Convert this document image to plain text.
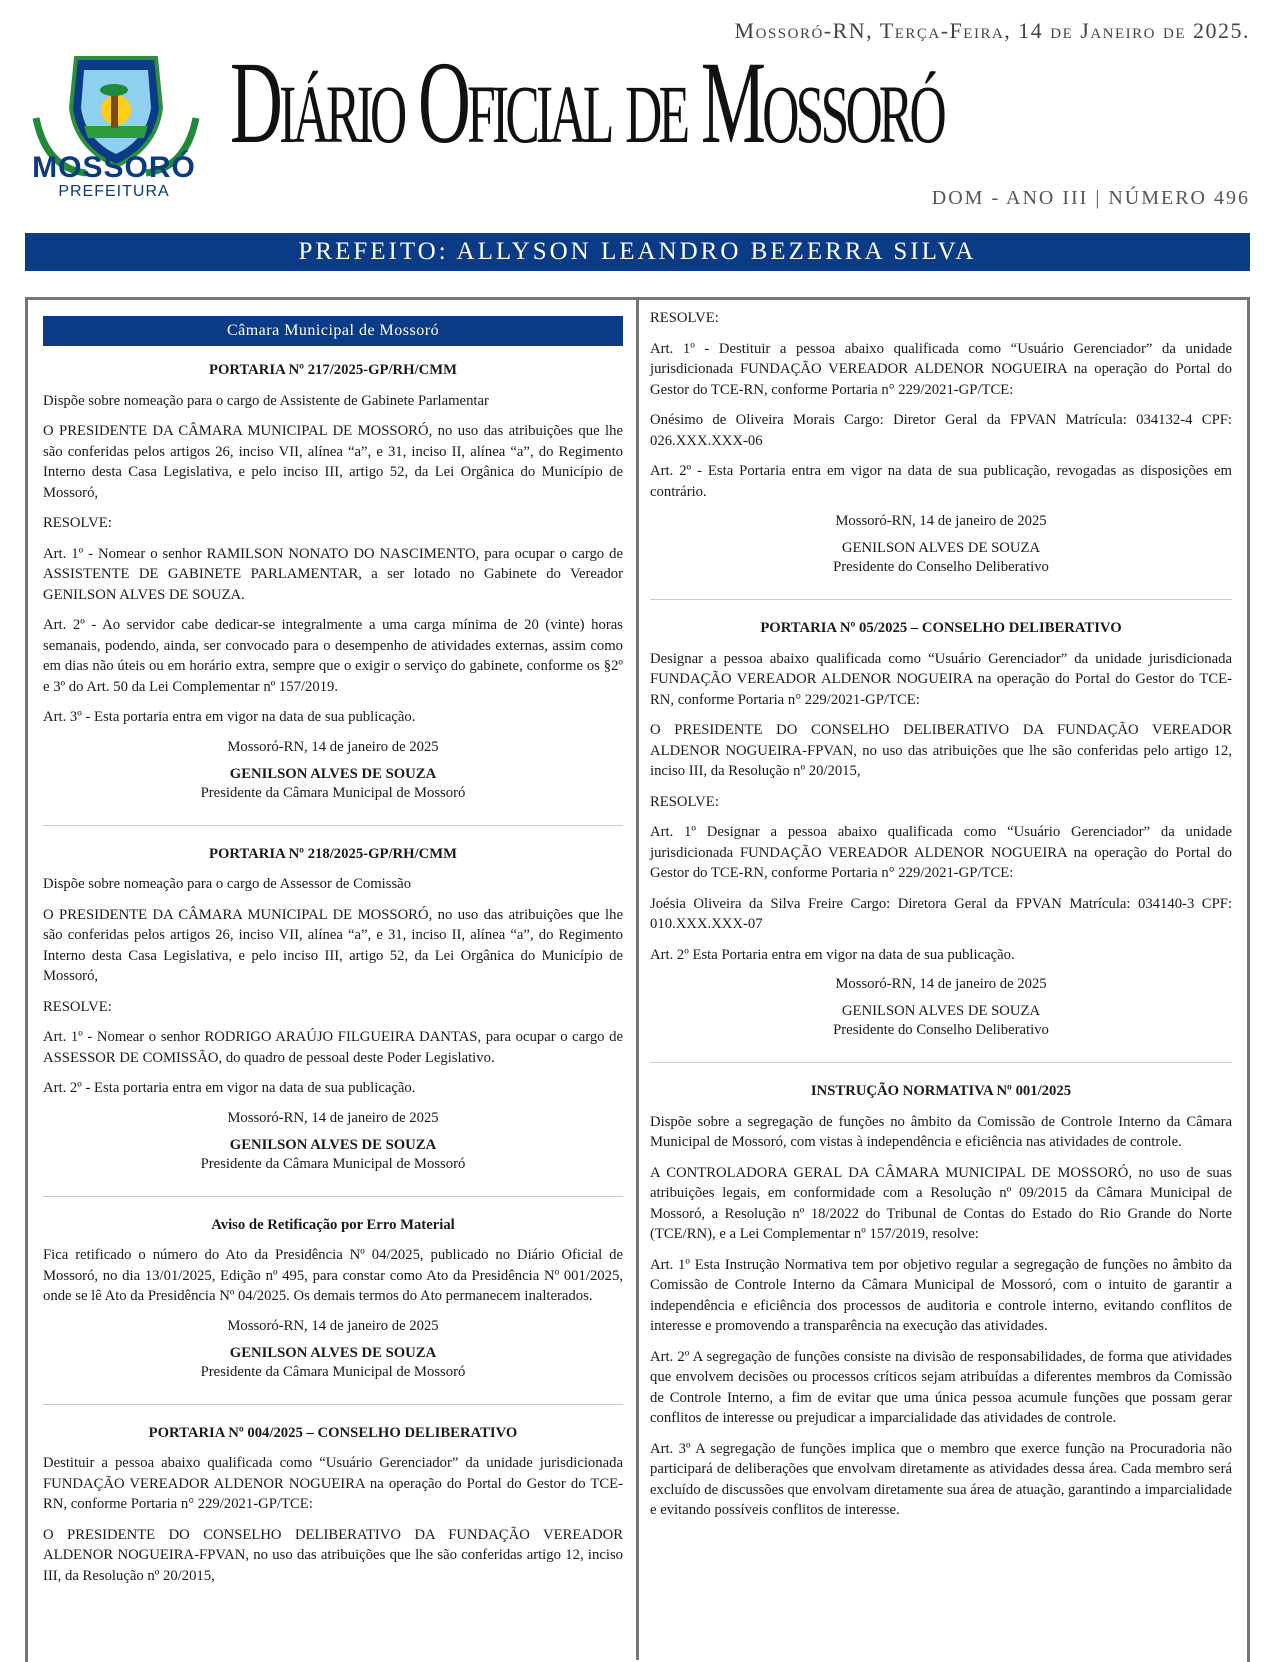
MOSSORÓ
PREFEITURA
Mossoró-RN, Terça-Feira, 14 de Janeiro de 2025.
Diário Oficial de Mossoró
DOM - ANO III | NÚMERO 496
PREFEITO: ALLYSON LEANDRO BEZERRA SILVA
Câmara Municipal de Mossoró
PORTARIA Nº 217/2025-GP/RH/CMM

Dispõe sobre nomeação para o cargo de Assistente de Gabinete Parlamentar

O PRESIDENTE DA CÂMARA MUNICIPAL DE MOSSORÓ, no uso das atribuições que lhe são conferidas pelos artigos 26, inciso VII, alínea “a”, e 31, inciso II, alínea “a”, do Regimento Interno desta Casa Legislativa, e pelo inciso III, artigo 52, da Lei Orgânica do Município de Mossoró,

RESOLVE:

Art. 1º - Nomear o senhor RAMILSON NONATO DO NASCIMENTO, para ocupar o cargo de ASSISTENTE DE GABINETE PARLAMENTAR, a ser lotado no Gabinete do Vereador GENILSON ALVES DE SOUZA.

Art. 2º - Ao servidor cabe dedicar-se integralmente a uma carga mínima de 20 (vinte) horas semanais, podendo, ainda, ser convocado para o desempenho de atividades externas, assim como em dias não úteis ou em horário extra, sempre que o exigir o serviço do gabinete, conforme os §2º e 3º do Art. 50 da Lei Complementar nº 157/2019.

Art. 3º - Esta portaria entra em vigor na data de sua publicação.

Mossoró-RN, 14 de janeiro de 2025
GENILSON ALVES DE SOUZA
Presidente da Câmara Municipal de Mossoró
PORTARIA Nº 218/2025-GP/RH/CMM

Dispõe sobre nomeação para o cargo de Assessor de Comissão

O PRESIDENTE DA CÂMARA MUNICIPAL DE MOSSORÓ, no uso das atribuições que lhe são conferidas pelos artigos 26, inciso VII, alínea “a”, e 31, inciso II, alínea “a”, do Regimento Interno desta Casa Legislativa, e pelo inciso III, artigo 52, da Lei Orgânica do Município de Mossoró,

RESOLVE:

Art. 1º - Nomear o senhor RODRIGO ARAÚJO FILGUEIRA DANTAS, para ocupar o cargo de ASSESSOR DE COMISSÃO, do quadro de pessoal deste Poder Legislativo.

Art. 2º - Esta portaria entra em vigor na data de sua publicação.

Mossoró-RN, 14 de janeiro de 2025
GENILSON ALVES DE SOUZA
Presidente da Câmara Municipal de Mossoró
Aviso de Retificação por Erro Material

Fica retificado o número do Ato da Presidência Nº 04/2025, publicado no Diário Oficial de Mossoró, no dia 13/01/2025, Edição nº 495, para constar como Ato da Presidência Nº 001/2025, onde se lê Ato da Presidência Nº 04/2025. Os demais termos do Ato permanecem inalterados.

Mossoró-RN, 14 de janeiro de 2025
GENILSON ALVES DE SOUZA
Presidente da Câmara Municipal de Mossoró
PORTARIA Nº 004/2025 – CONSELHO DELIBERATIVO

Destituir a pessoa abaixo qualificada como “Usuário Gerenciador” da unidade jurisdicionada FUNDAÇÃO VEREADOR ALDENOR NOGUEIRA na operação do Portal do Gestor do TCE-RN, conforme Portaria n° 229/2021-GP/TCE:

O PRESIDENTE DO CONSELHO DELIBERATIVO DA FUNDAÇÃO VEREADOR ALDENOR NOGUEIRA-FPVAN, no uso das atribuições que lhe são conferidas artigo 12, inciso III, da Resolução nº 20/2015,

RESOLVE:

Art. 1º - Destituir a pessoa abaixo qualificada como “Usuário Gerenciador” da unidade jurisdicionada FUNDAÇÃO VEREADOR ALDENOR NOGUEIRA na operação do Portal do Gestor do TCE-RN, conforme Portaria n° 229/2021-GP/TCE:

Onésimo de Oliveira Morais Cargo: Diretor Geral da FPVAN Matrícula: 034132-4 CPF: 026.XXX.XXX-06

Art. 2º - Esta Portaria entra em vigor na data de sua publicação, revogadas as disposições em contrário.

Mossoró-RN, 14 de janeiro de 2025
GENILSON ALVES DE SOUZA
Presidente do Conselho Deliberativo
PORTARIA Nº 05/2025 – CONSELHO DELIBERATIVO

Designar a pessoa abaixo qualificada como “Usuário Gerenciador” da unidade jurisdicionada FUNDAÇÃO VEREADOR ALDENOR NOGUEIRA na operação do Portal do Gestor do TCE-RN, conforme Portaria n° 229/2021-GP/TCE:

O PRESIDENTE DO CONSELHO DELIBERATIVO DA FUNDAÇÃO VEREADOR ALDENOR NOGUEIRA-FPVAN, no uso das atribuições que lhe são conferidas pelo artigo 12, inciso III, da Resolução nº 20/2015,

RESOLVE:

Art. 1º Designar a pessoa abaixo qualificada como “Usuário Gerenciador” da unidade jurisdicionada FUNDAÇÃO VEREADOR ALDENOR NOGUEIRA na operação do Portal do Gestor do TCE-RN, conforme Portaria n° 229/2021-GP/TCE:

Joésia Oliveira da Silva Freire Cargo: Diretora Geral da FPVAN Matrícula: 034140-3 CPF: 010.XXX.XXX-07

Art. 2º Esta Portaria entra em vigor na data de sua publicação.

Mossoró-RN, 14 de janeiro de 2025
GENILSON ALVES DE SOUZA
Presidente do Conselho Deliberativo
INSTRUÇÃO NORMATIVA Nº 001/2025

Dispõe sobre a segregação de funções no âmbito da Comissão de Controle Interno da Câmara Municipal de Mossoró, com vistas à independência e eficiência nas atividades de controle.

A CONTROLADORA GERAL DA CÂMARA MUNICIPAL DE MOSSORÓ, no uso de suas atribuições legais, em conformidade com a Resolução nº 09/2015 da Câmara Municipal de Mossoró, a Resolução nº 18/2022 do Tribunal de Contas do Estado do Rio Grande do Norte (TCE/RN), e a Lei Complementar nº 157/2019, resolve:

Art. 1º Esta Instrução Normativa tem por objetivo regular a segregação de funções no âmbito da Comissão de Controle Interno da Câmara Municipal de Mossoró, com o intuito de garantir a independência e eficiência dos processos de auditoria e controle interno, evitando conflitos de interesse e promovendo a transparência na execução das atividades.

Art. 2º A segregação de funções consiste na divisão de responsabilidades, de forma que atividades que envolvem decisões ou processos críticos sejam atribuídas a diferentes membros da Comissão de Controle Interno, a fim de evitar que uma única pessoa acumule funções que possam gerar conflitos de interesse ou prejudicar a imparcialidade das atividades de controle.

Art. 3º A segregação de funções implica que o membro que exerce função na Procuradoria não participará de deliberações que envolvam diretamente as atividades dessa área. Cada membro será excluído de discussões que envolvam diretamente sua área de atuação, garantindo a imparcialidade e evitando possíveis conflitos de interesse.
